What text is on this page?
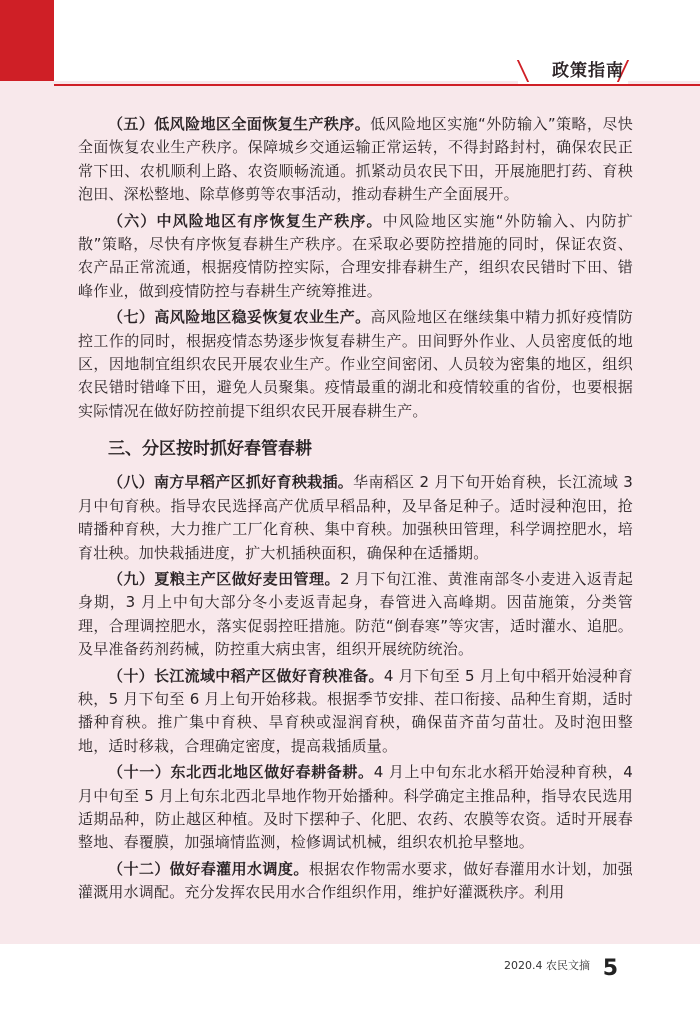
政策指南

（五）低风险地区全面恢复生产秩序。低风险地区实施“外防输入”策略，尽快全面恢复农业生产秩序。保障城乡交通运输正常运转，不得封路封村，确保农民正常下田、农机顺利上路、农资顺畅流通。抓紧动员农民下田，开展施肥打药、育秧泡田、深松整地、除草修剪等农事活动，推动春耕生产全面展开。

（六）中风险地区有序恢复生产秩序。中风险地区实施“外防输入、内防扩散”策略，尽快有序恢复春耕生产秩序。在采取必要防控措施的同时，保证农资、农产品正常流通，根据疫情防控实际，合理安排春耕生产，组织农民错时下田、错峰作业，做到疫情防控与春耕生产统筹推进。

（七）高风险地区稳妥恢复农业生产。高风险地区在继续集中精力抓好疫情防控工作的同时，根据疫情态势逐步恢复春耕生产。田间野外作业、人员密度低的地区，因地制宜组织农民开展农业生产。作业空间密闭、人员较为密集的地区，组织农民错时错峰下田，避免人员聚集。疫情最重的湖北和疫情较重的省份，也要根据实际情况在做好防控前提下组织农民开展春耕生产。

三、分区按时抓好春管春耕

（八）南方早稻产区抓好育秧栽插。华南稻区 2 月下旬开始育秧，长江流域 3 月中旬育秧。指导农民选择高产优质早稻品种，及早备足种子。适时浸种泡田，抢晴播种育秧，大力推广工厂化育秧、集中育秧。加强秧田管理，科学调控肥水，培育壮秧。加快栽插进度，扩大机插秧面积，确保种在适播期。

（九）夏粮主产区做好麦田管理。2 月下旬江淮、黄淮南部冬小麦进入返青起身期，3 月上中旬大部分冬小麦返青起身，春管进入高峰期。因苗施策，分类管理，合理调控肥水，落实促弱控旺措施。防范“倒春寒”等灾害，适时灌水、追肥。及早准备药剂药械，防控重大病虫害，组织开展统防统治。

（十）长江流域中稻产区做好育秧准备。4 月下旬至 5 月上旬中稻开始浸种育秧，5 月下旬至 6 月上旬开始移栽。根据季节安排、茬口衔接、品种生育期，适时播种育秧。推广集中育秧、旱育秧或湿润育秧，确保苗齐苗匀苗壮。及时泡田整地，适时移栽，合理确定密度，提高栽插质量。

（十一）东北西北地区做好春耕备耕。4 月上中旬东北水稻开始浸种育秧，4 月中旬至 5 月上旬东北西北旱地作物开始播种。科学确定主推品种，指导农民选用适期品种，防止越区种植。及时下摆种子、化肥、农药、农膜等农资。适时开展春整地、春覆膜，加强墒情监测，检修调试机械，组织农机抢早整地。

（十二）做好春灌用水调度。根据农作物需水要求，做好春灌用水计划，加强灌溉用水调配。充分发挥农民用水合作组织作用，维护好灌溉秩序。利用

2020.4 农民文摘 5
